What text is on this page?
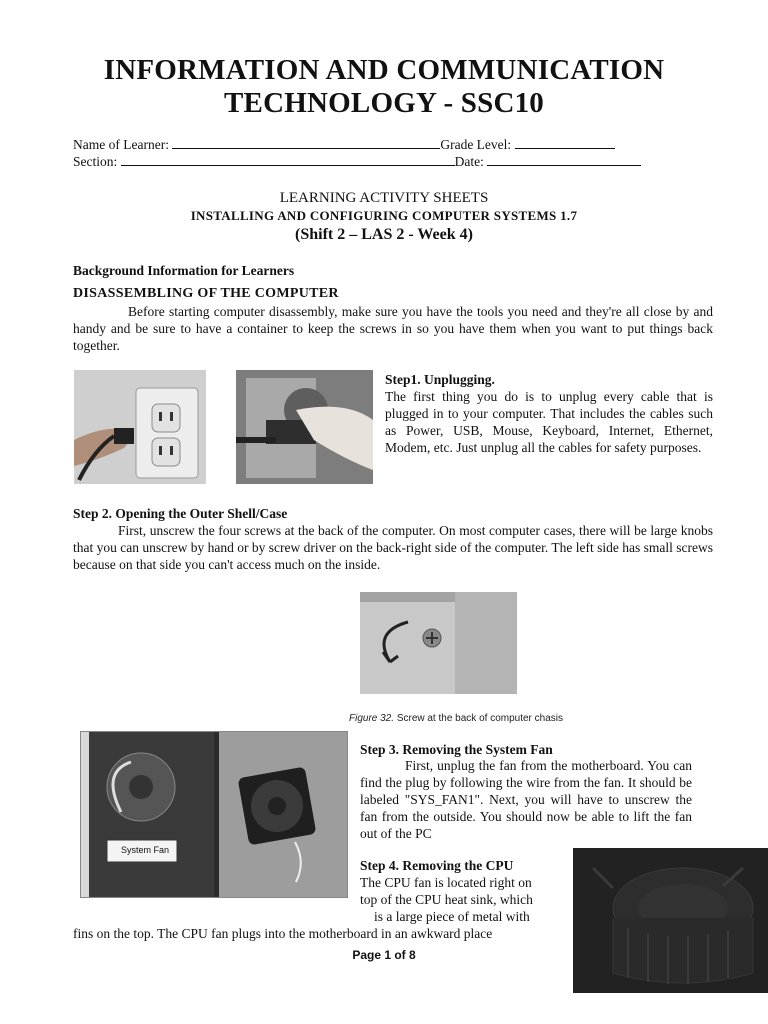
INFORMATION AND COMMUNICATION
TECHNOLOGY - SSC10
Name of Learner:	Grade Level:
Section:	Date:
LEARNING ACTIVITY SHEETS
INSTALLING AND CONFIGURING COMPUTER SYSTEMS 1.7
(Shift 2 – LAS 2 - Week 4)
Background Information for Learners
DISASSEMBLING OF THE COMPUTER
Before starting computer disassembly, make sure you have the tools you need and they're all close by and handy and be sure to have a container to keep the screws in so you have them when you want to put things back together.
Step1. Unplugging.
The first thing you do is to unplug every cable that is plugged in to your computer. That includes the cables such as Power, USB, Mouse, Keyboard, Internet, Ethernet, Modem, etc. Just unplug all the cables for safety purposes.
Step 2. Opening the Outer Shell/Case
First, unscrew the four screws at the back of the computer. On most computer cases, there will be large knobs that you can unscrew by hand or by screw driver on the back-right side of the computer. The left side has small screws because on that side you can't access much on the inside.
Figure 32. Screw at the back of computer chasis
System Fan
Step 3. Removing the System Fan
First, unplug the fan from the motherboard. You can find the plug by following the wire from the fan. It should be labeled "SYS_FAN1". Next, you will have to unscrew the fan from the outside. You should now be able to lift the fan out of the PC
Step 4. Removing the CPU
The CPU fan is located right on
top of the CPU heat sink, which
is a large piece of metal with
fins on the top. The CPU fan plugs into the motherboard in an awkward place
Page 1 of 8
